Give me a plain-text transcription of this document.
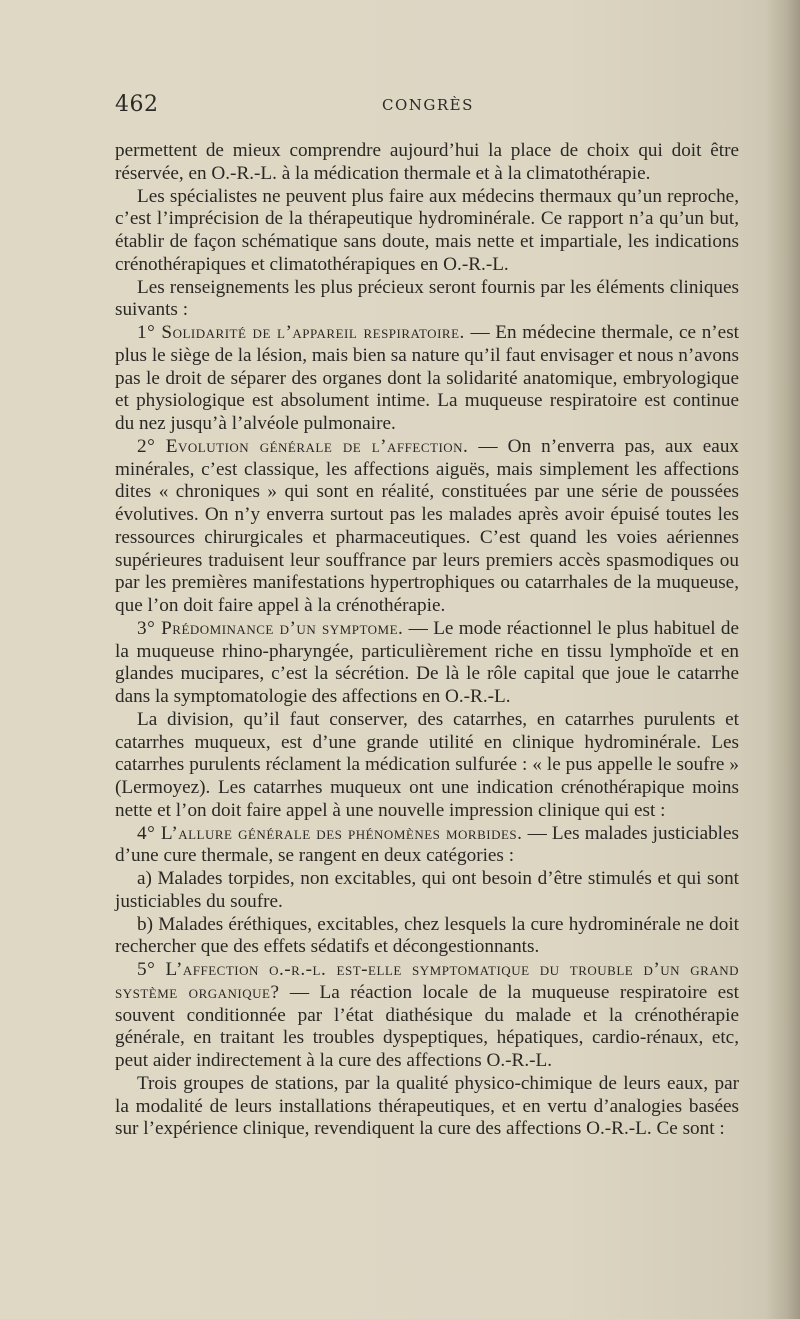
462	CONGRÈS

permettent de mieux comprendre aujourd’hui la place de choix qui doit être réservée, en O.-R.-L. à la médication thermale et à la climatothérapie.

Les spécialistes ne peuvent plus faire aux médecins thermaux qu’un reproche, c’est l’imprécision de la thérapeutique hydrominérale. Ce rapport n’a qu’un but, établir de façon schématique sans doute, mais nette et impartiale, les indications crénothérapiques et climatothérapiques en O.-R.-L.

Les renseignements les plus précieux seront fournis par les éléments cliniques suivants :

1° Solidarité de l’appareil respiratoire. — En médecine thermale, ce n’est plus le siège de la lésion, mais bien sa nature qu’il faut envisager et nous n’avons pas le droit de séparer des organes dont la solidarité anatomique, embryologique et physiologique est absolument intime. La muqueuse respiratoire est continue du nez jusqu’à l’alvéole pulmonaire.

2° Evolution générale de l’affection. — On n’enverra pas, aux eaux minérales, c’est classique, les affections aiguës, mais simplement les affections dites « chroniques » qui sont en réalité, constituées par une série de poussées évolutives. On n’y enverra surtout pas les malades après avoir épuisé toutes les ressources chirurgicales et pharmaceutiques. C’est quand les voies aériennes supérieures traduisent leur souffrance par leurs premiers accès spasmodiques ou par les premières manifestations hypertrophiques ou catarrhales de la muqueuse, que l’on doit faire appel à la crénothérapie.

3° Prédominance d’un symptome. — Le mode réactionnel le plus habituel de la muqueuse rhino-pharyngée, particulièrement riche en tissu lymphoïde et en glandes mucipares, c’est la sécrétion. De là le rôle capital que joue le catarrhe dans la symptomatologie des affections en O.-R.-L.

La division, qu’il faut conserver, des catarrhes, en catarrhes purulents et catarrhes muqueux, est d’une grande utilité en clinique hydrominérale. Les catarrhes purulents réclament la médication sulfurée : « le pus appelle le soufre » (Lermoyez). Les catarrhes muqueux ont une indication crénothérapique moins nette et l’on doit faire appel à une nouvelle impression clinique qui est :

4° L’allure générale des phénomènes morbides. — Les malades justiciables d’une cure thermale, se rangent en deux catégories :

a) Malades torpides, non excitables, qui ont besoin d’être stimulés et qui sont justiciables du soufre.

b) Malades éréthiques, excitables, chez lesquels la cure hydrominérale ne doit rechercher que des effets sédatifs et décongestionnants.

5° L’affection o.-r.-l. est-elle symptomatique du trouble d’un grand système organique? — La réaction locale de la muqueuse respiratoire est souvent conditionnée par l’état diathésique du malade et la crénothérapie générale, en traitant les troubles dyspeptiques, hépatiques, cardio-rénaux, etc, peut aider indirectement à la cure des affections O.-R.-L.

Trois groupes de stations, par la qualité physico-chimique de leurs eaux, par la modalité de leurs installations thérapeutiques, et en vertu d’analogies basées sur l’expérience clinique, revendiquent la cure des affections O.-R.-L. Ce sont :
